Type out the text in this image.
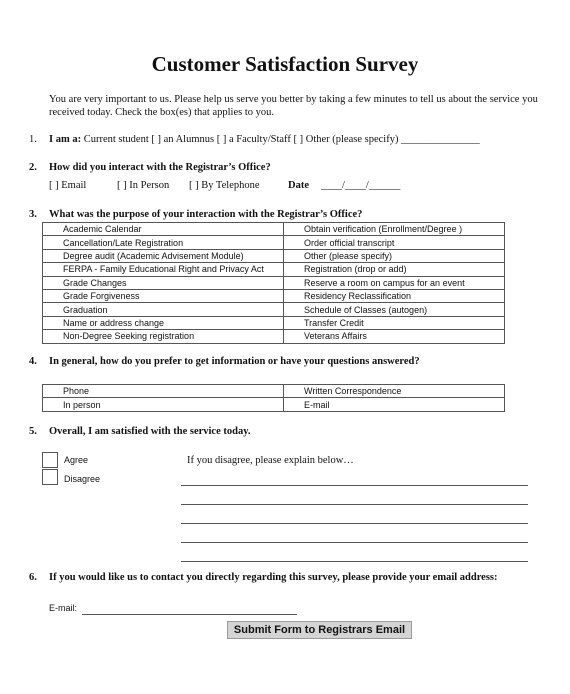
Customer Satisfaction Survey
You are very important to us. Please help us serve you better by taking a few minutes to tell us about the service you received today. Check the box(es) that applies to you.
1. I am a: Current student [ ] an Alumnus [ ] a Faculty/Staff [ ] Other (please specify) _______________
2. How did you interact with the Registrar’s Office?
[ ] Email	[ ] In Person [ ] By Telephone	Date ____/____/______
3. What was the purpose of your interaction with the Registrar’s Office?
Academic Calendar	Obtain verification (Enrollment/Degree )
Cancellation/Late Registration	Order official transcript
Degree audit (Academic Advisement Module)	Other (please specify)
FERPA - Family Educational Right and Privacy Act	Registration (drop or add)
Grade Changes	Reserve a room on campus for an event
Grade Forgiveness	Residency Reclassification
Graduation	Schedule of Classes (autogen)
Name or address change	Transfer Credit
Non-Degree Seeking registration	Veterans Affairs
4. In general, how do you prefer to get information or have your questions answered?
Phone	Written Correspondence
In person	E-mail
5. Overall, I am satisfied with the service today.
Agree
Disagree
If you disagree, please explain below…
6. If you would like us to contact you directly regarding this survey, please provide your email address:
E-mail:
Submit Form to Registrars Email
